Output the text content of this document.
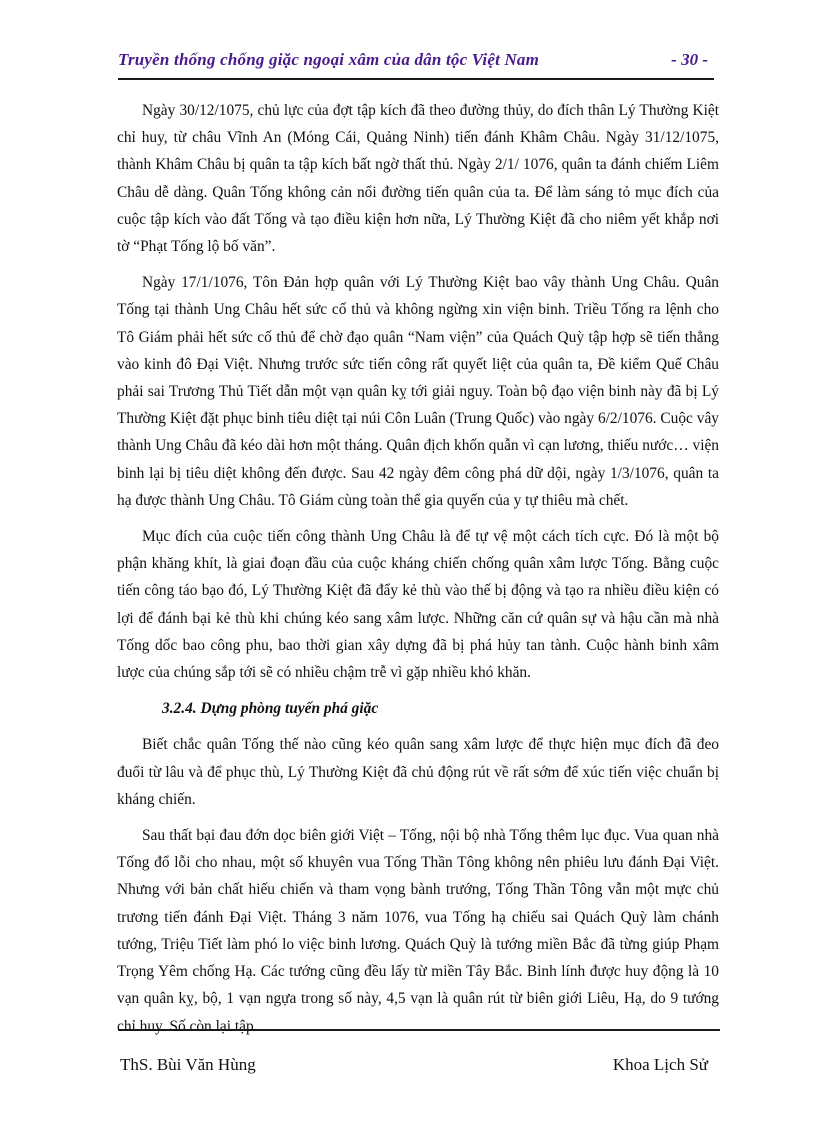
Truyền thống chống giặc ngoại xâm của dân tộc Việt Nam	- 30 -

Ngày 30/12/1075, chủ lực của đợt tập kích đã theo đường thủy, do đích thân Lý Thường Kiệt chỉ huy, từ châu Vĩnh An (Móng Cái, Quảng Ninh) tiến đánh Khâm Châu. Ngày 31/12/1075, thành Khâm Châu bị quân ta tập kích bất ngờ thất thủ. Ngày 2/1/ 1076, quân ta đánh chiếm Liêm Châu dễ dàng. Quân Tống không cản nổi đường tiến quân của ta. Để làm sáng tỏ mục đích của cuộc tập kích vào đất Tống và tạo điều kiện hơn nữa, Lý Thường Kiệt đã cho niêm yết khắp nơi tờ “Phạt Tống lộ bố văn”.

Ngày 17/1/1076, Tôn Đản hợp quân với Lý Thường Kiệt bao vây thành Ung Châu. Quân Tống tại thành Ung Châu hết sức cố thủ và không ngừng xin viện binh. Triều Tống ra lệnh cho Tô Giám phải hết sức cố thủ để chờ đạo quân “Nam viện” của Quách Quỳ tập hợp sẽ tiến thẳng vào kinh đô Đại Việt. Nhưng trước sức tiến công rất quyết liệt của quân ta, Đề kiểm Quế Châu phải sai Trương Thủ Tiết dẫn một vạn quân kỵ tới giải nguy. Toàn bộ đạo viện binh này đã bị Lý Thường Kiệt đặt phục binh tiêu diệt tại núi Côn Luân (Trung Quốc) vào ngày 6/2/1076. Cuộc vây thành Ung Châu đã kéo dài hơn một tháng. Quân địch khốn quẫn vì cạn lương, thiếu nước… viện binh lại bị tiêu diệt không đến được. Sau 42 ngày đêm công phá dữ dội, ngày 1/3/1076, quân ta hạ được thành Ung Châu. Tô Giám cùng toàn thể gia quyến của y tự thiêu mà chết.

Mục đích của cuộc tiến công thành Ung Châu là để tự vệ một cách tích cực. Đó là một bộ phận khăng khít, là giai đoạn đầu của cuộc kháng chiến chống quân xâm lược Tống. Bằng cuộc tiến công táo bạo đó, Lý Thường Kiệt đã đẩy kẻ thù vào thế bị động và tạo ra nhiều điều kiện có lợi để đánh bại kẻ thù khi chúng kéo sang xâm lược. Những căn cứ quân sự và hậu cần mà nhà Tống dốc bao công phu, bao thời gian xây dựng đã bị phá hủy tan tành. Cuộc hành binh xâm lược của chúng sắp tới sẽ có nhiều chậm trễ vì gặp nhiều khó khăn.

3.2.4. Dựng phòng tuyến phá giặc

Biết chắc quân Tống thế nào cũng kéo quân sang xâm lược để thực hiện mục đích đã đeo đuổi từ lâu và để phục thù, Lý Thường Kiệt đã chủ động rút về rất sớm để xúc tiến việc chuẩn bị kháng chiến.

Sau thất bại đau đớn dọc biên giới Việt – Tống, nội bộ nhà Tống thêm lục đục. Vua quan nhà Tống đổ lỗi cho nhau, một số khuyên vua Tống Thần Tông không nên phiêu lưu đánh Đại Việt. Nhưng với bản chất hiếu chiến và tham vọng bành trướng, Tống Thần Tông vẫn một mực chủ trương tiến đánh Đại Việt. Tháng 3 năm 1076, vua Tống hạ chiếu sai Quách Quỳ làm chánh tướng, Triệu Tiết làm phó lo việc binh lương. Quách Quỳ là tướng miền Bắc đã từng giúp Phạm Trọng Yêm chống Hạ. Các tướng cũng đều lấy từ miền Tây Bắc. Binh lính được huy động là 10 vạn quân kỵ, bộ, 1 vạn ngựa trong số này, 4,5 vạn là quân rút từ biên giới Liêu, Hạ, do 9 tướng chỉ huy. Số còn lại tập

ThS. Bùi Văn Hùng	Khoa Lịch Sử
